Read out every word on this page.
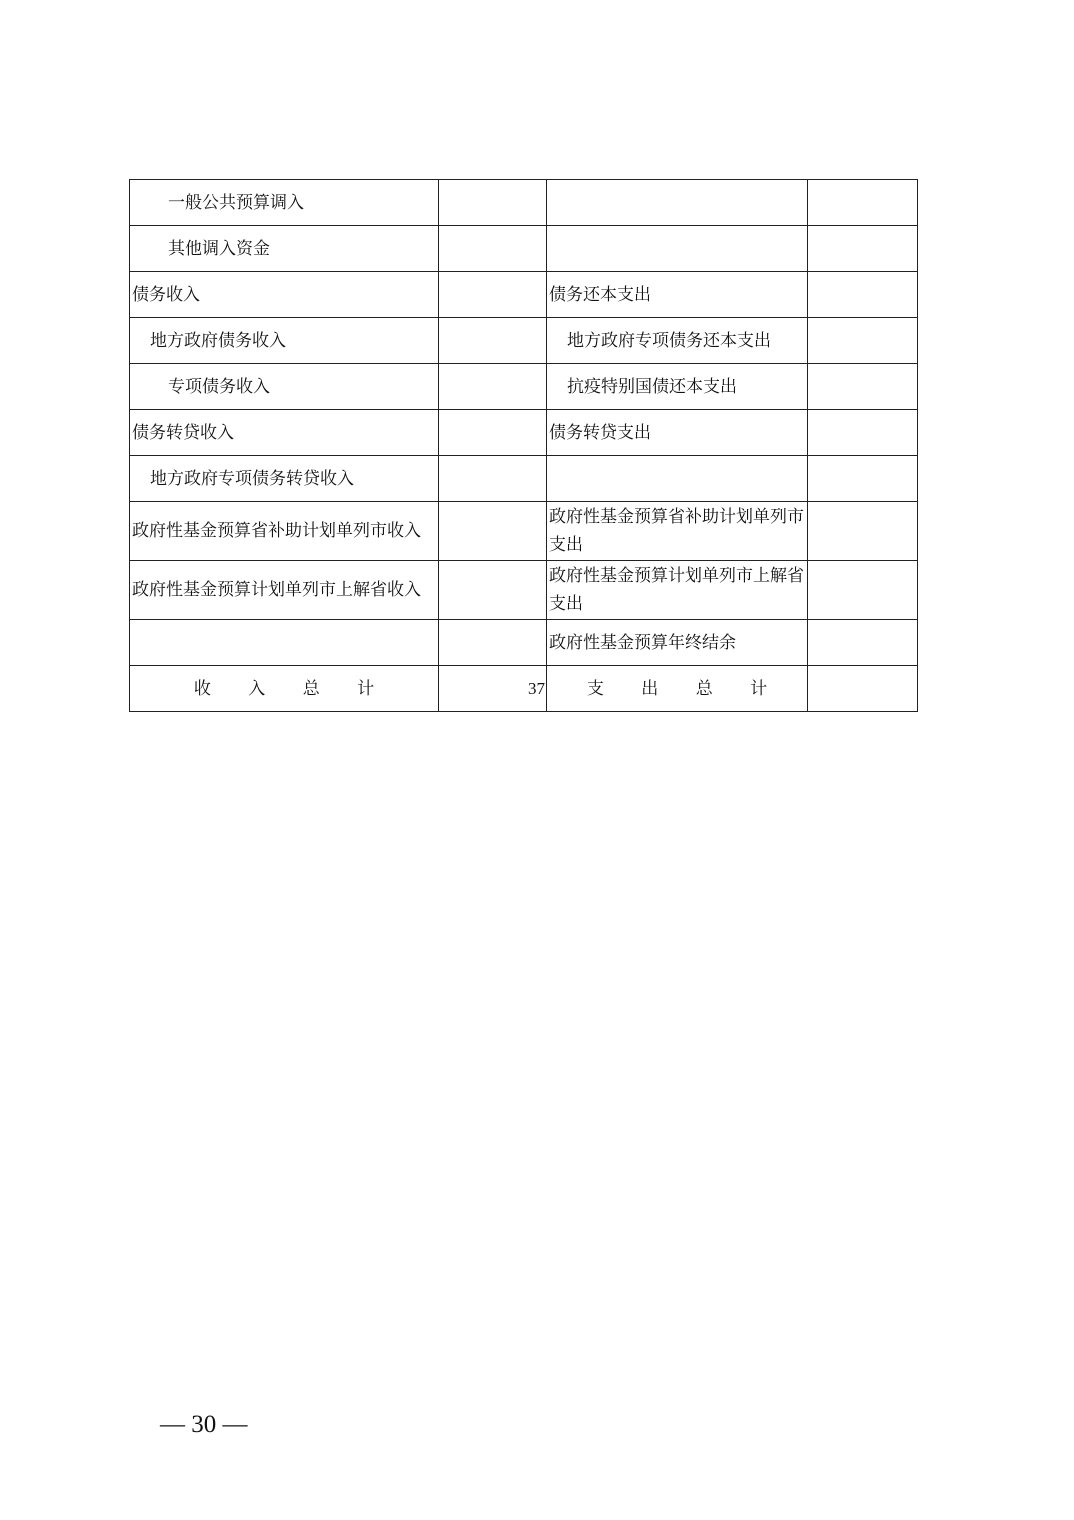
一般公共预算调入			
其他调入资金			
债务收入		债务还本支出	
地方政府债务收入		地方政府专项债务还本支出	
专项债务收入		抗疫特别国债还本支出	
债务转贷收入		债务转贷支出	
地方政府专项债务转贷收入			
政府性基金预算省补助计划单列市收入		政府性基金预算省补助计划单列市支出	
政府性基金预算计划单列市上解省收入		政府性基金预算计划单列市上解省支出	
		政府性基金预算年终结余	
收入总计	37	支出总计	
— 30 —
